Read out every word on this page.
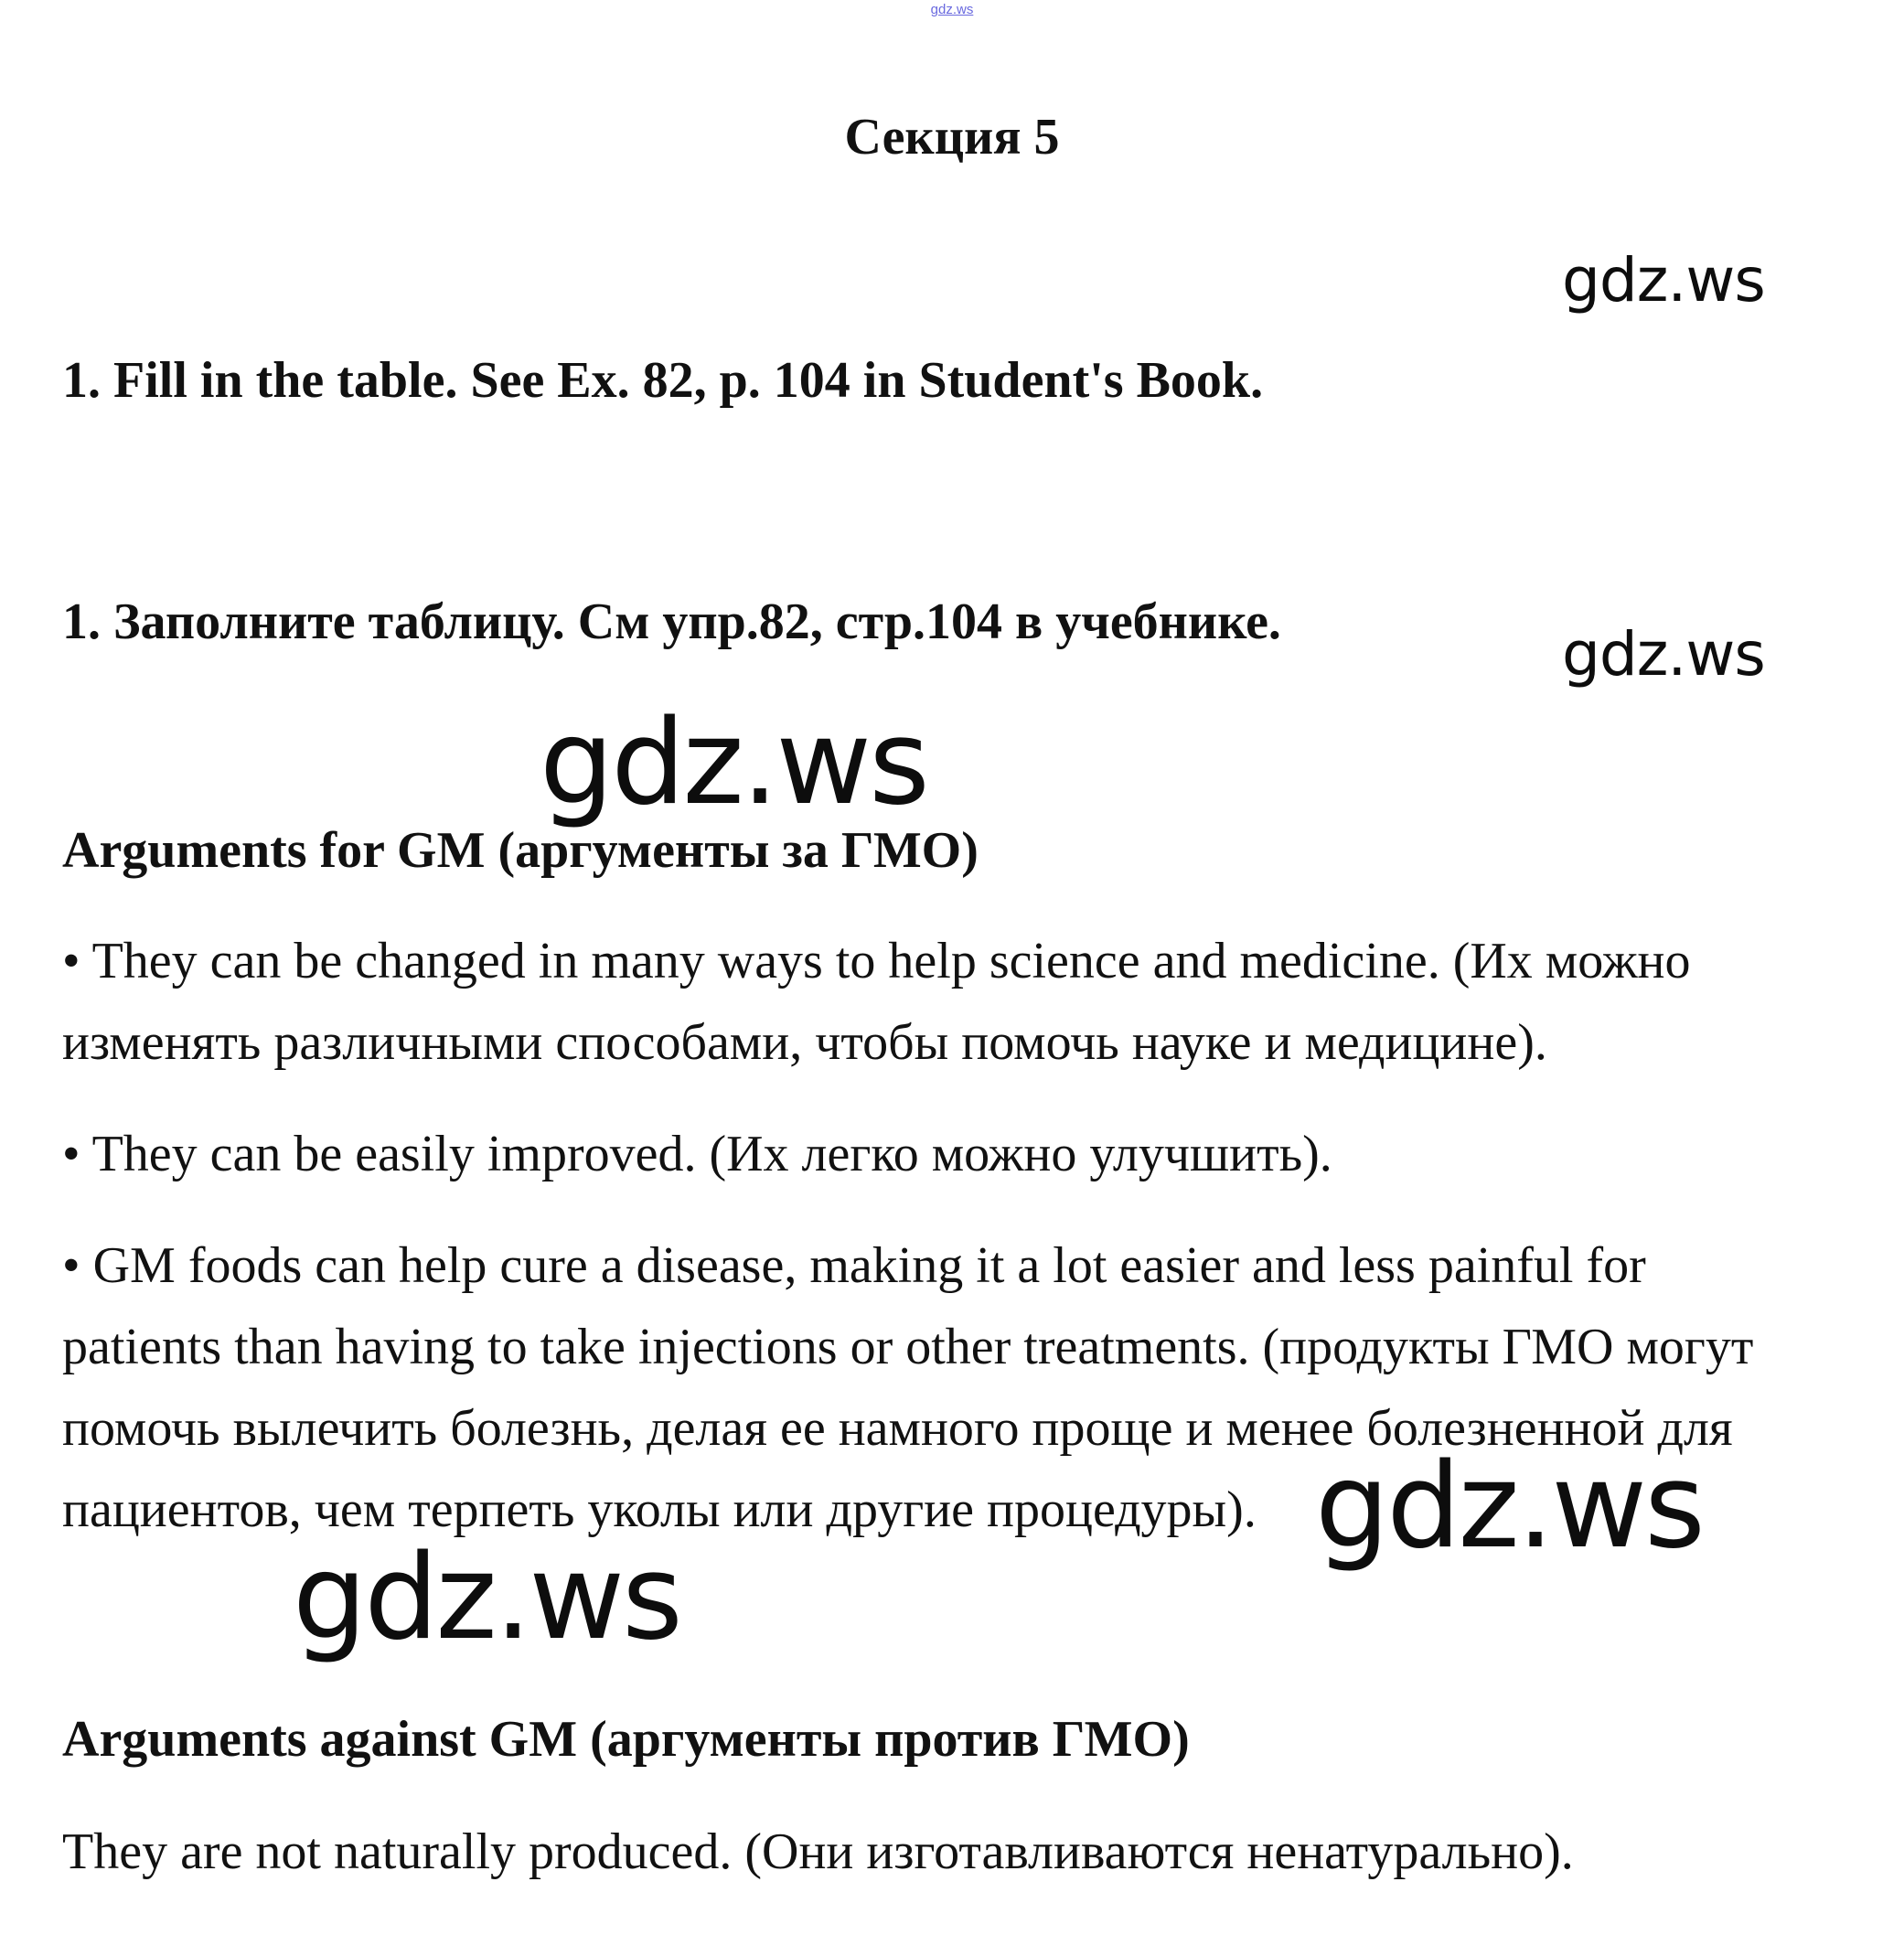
gdz.ws
Секция 5
gdz.ws
1. Fill in the table. See Ex. 82, p. 104 in Student's Book.
1. Заполните таблицу. См упр.82, стр.104 в учебнике.	gdz.ws
gdz.ws
Arguments for GM (аргументы за ГМО)
• They can be changed in many ways to help science and medicine. (Их можно
изменять различными способами, чтобы помочь науке и медицине).
• They can be easily improved. (Их легко можно улучшить).
• GM foods can help cure a disease, making it a lot easier and less painful for
patients than having to take injections or other treatments. (продукты ГМО могут
помочь вылечить болезнь, делая ее намного проще и менее болезненной для
пациентов, чем терпеть уколы или другие процедуры). gdz.ws
gdz.ws
Arguments against GM (аргументы против ГМО)
They are not naturally produced. (Они изготавливаются ненатурально).
